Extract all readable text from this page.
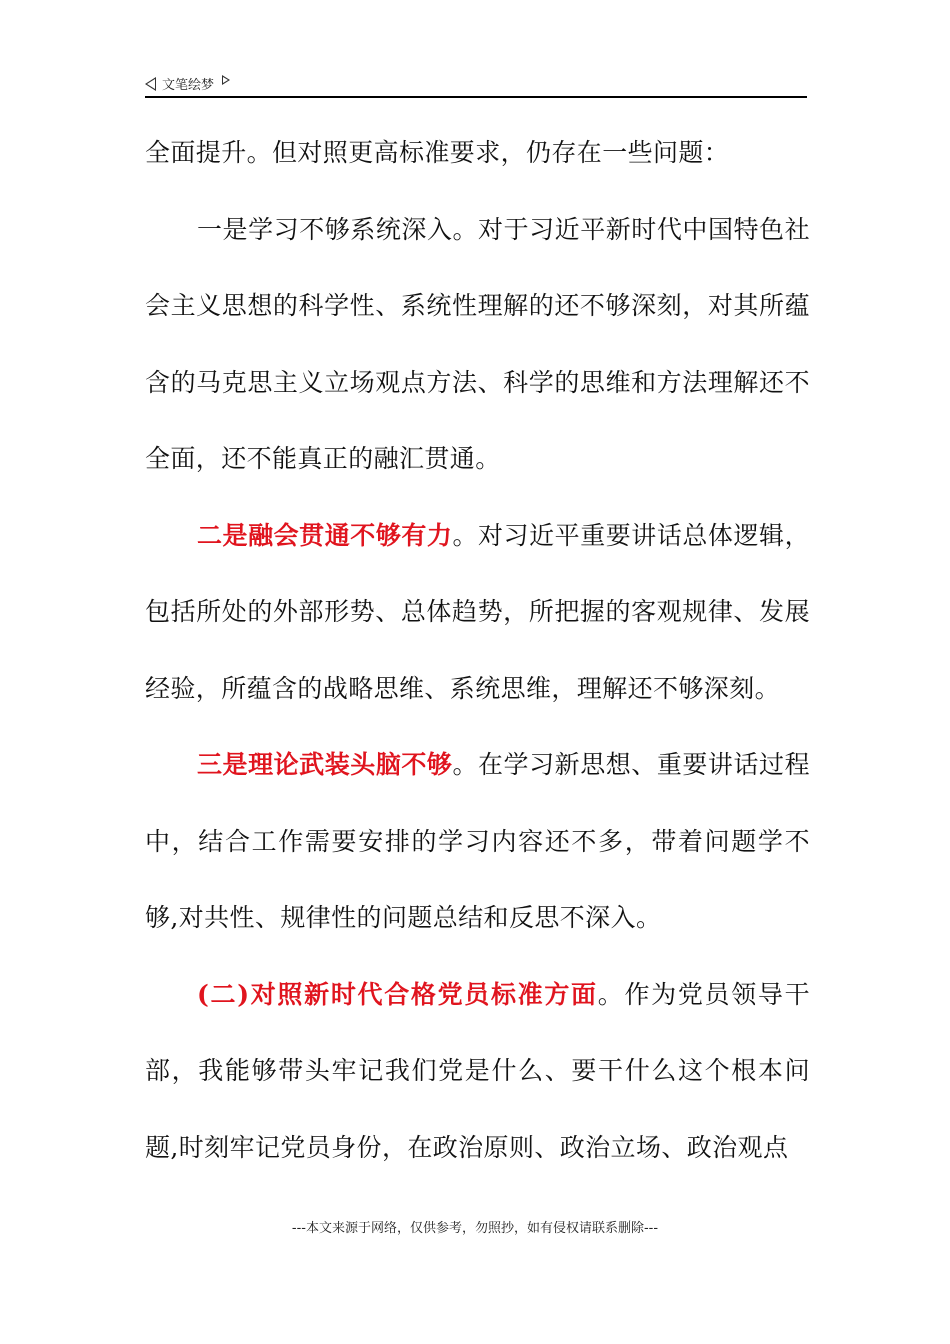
文笔绘梦

全面提升。但对照更高标准要求，仍存在一些问题：

一是学习不够系统深入。对于习近平新时代中国特色社会主义思想的科学性、系统性理解的还不够深刻，对其所蕴含的马克思主义立场观点方法、科学的思维和方法理解还不全面，还不能真正的融汇贯通。

二是融会贯通不够有力。对习近平重要讲话总体逻辑，包括所处的外部形势、总体趋势，所把握的客观规律、发展经验，所蕴含的战略思维、系统思维，理解还不够深刻。

三是理论武装头脑不够。在学习新思想、重要讲话过程中，结合工作需要安排的学习内容还不多，带着问题学不够,对共性、规律性的问题总结和反思不深入。

(二)对照新时代合格党员标准方面。作为党员领导干部，我能够带头牢记我们党是什么、要干什么这个根本问题,时刻牢记党员身份，在政治原则、政治立场、政治观点

---本文来源于网络，仅供参考，勿照抄，如有侵权请联系删除---
